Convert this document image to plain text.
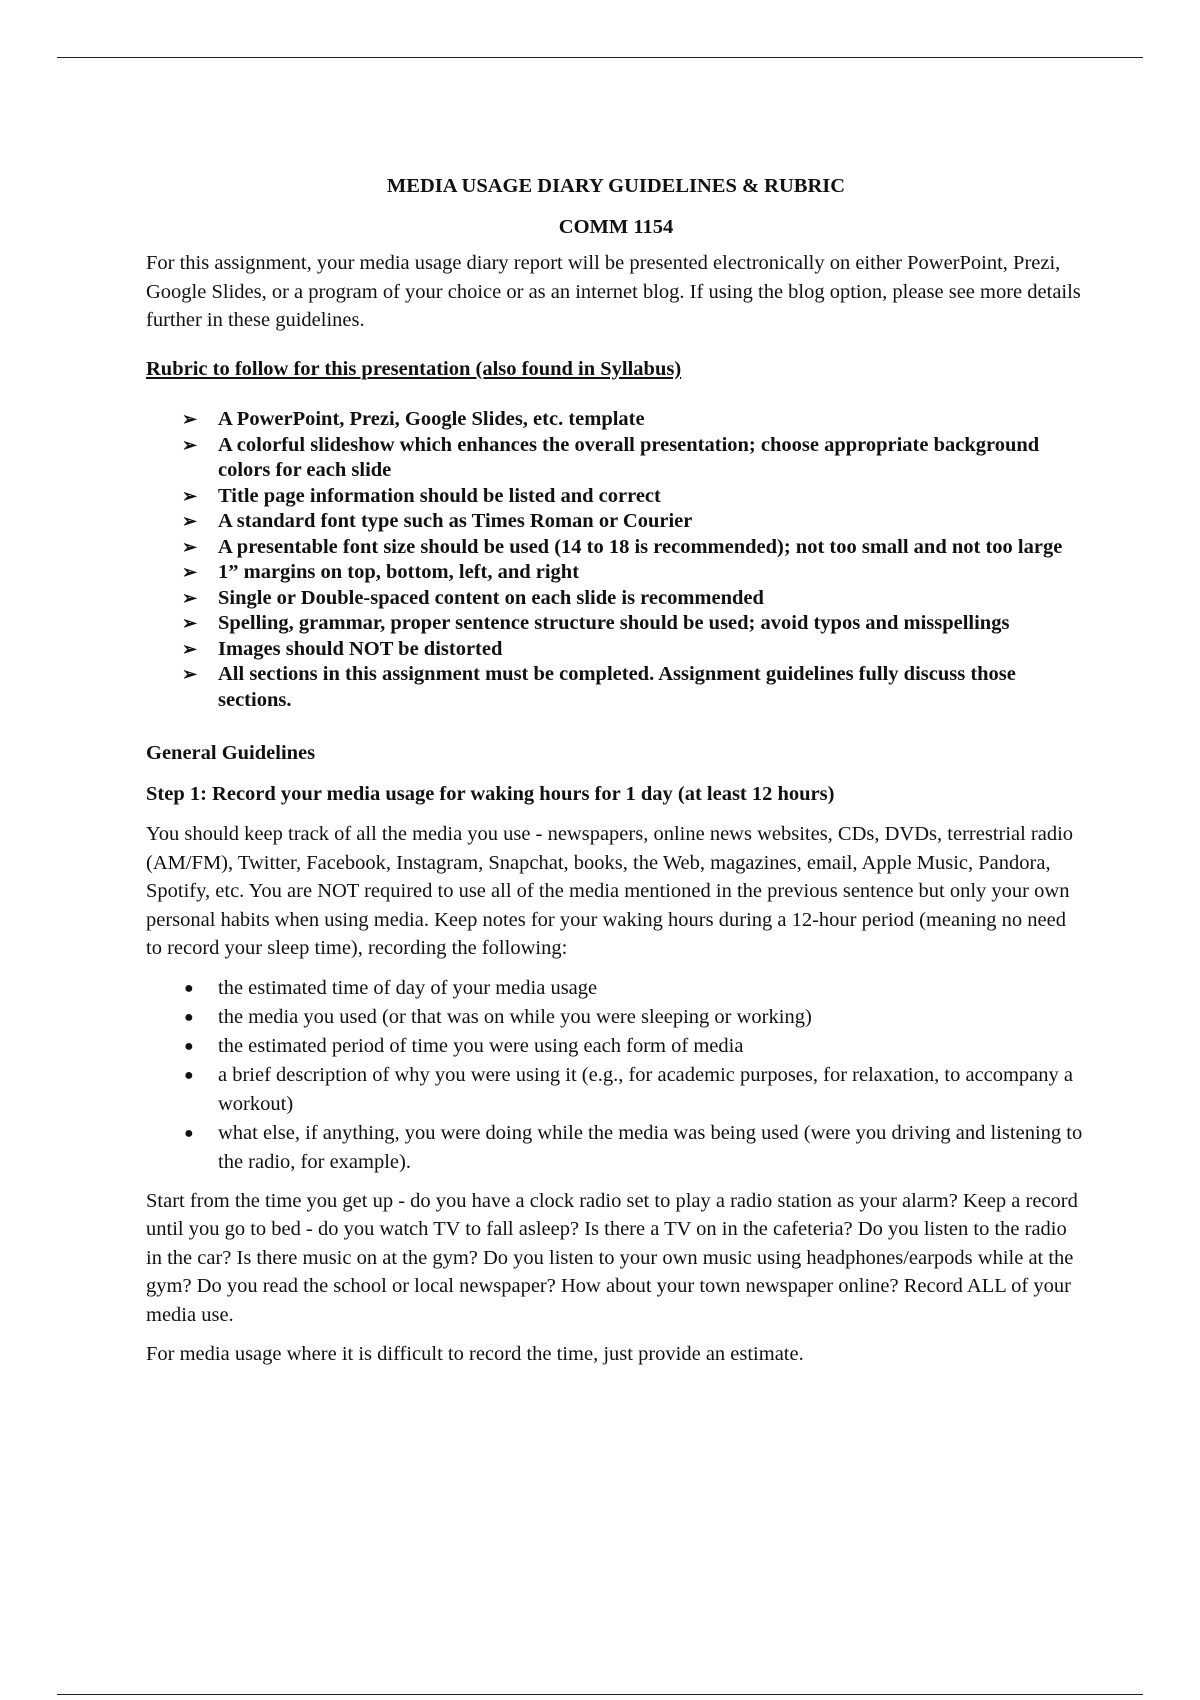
MEDIA USAGE DIARY GUIDELINES & RUBRIC
COMM 1154

For this assignment, your media usage diary report will be presented electronically on either PowerPoint, Prezi, Google Slides, or a program of your choice or as an internet blog. If using the blog option, please see more details further in these guidelines.

Rubric to follow for this presentation (also found in Syllabus)
➢ A PowerPoint, Prezi, Google Slides, etc. template
➢ A colorful slideshow which enhances the overall presentation; choose appropriate background colors for each slide
➢ Title page information should be listed and correct
➢ A standard font type such as Times Roman or Courier
➢ A presentable font size should be used (14 to 18 is recommended); not too small and not too large
➢ 1” margins on top, bottom, left, and right
➢ Single or Double-spaced content on each slide is recommended
➢ Spelling, grammar, proper sentence structure should be used; avoid typos and misspellings
➢ Images should NOT be distorted
➢ All sections in this assignment must be completed. Assignment guidelines fully discuss those sections.
General Guidelines
Step 1: Record your media usage for waking hours for 1 day (at least 12 hours)

You should keep track of all the media you use - newspapers, online news websites, CDs, DVDs, terrestrial radio (AM/FM), Twitter, Facebook, Instagram, Snapchat, books, the Web, magazines, email, Apple Music, Pandora, Spotify, etc. You are NOT required to use all of the media mentioned in the previous sentence but only your own personal habits when using media. Keep notes for your waking hours during a 12-hour period (meaning no need to record your sleep time), recording the following:

● the estimated time of day of your media usage
● the media you used (or that was on while you were sleeping or working)
● the estimated period of time you were using each form of media
● a brief description of why you were using it (e.g., for academic purposes, for relaxation, to accompany a workout)
● what else, if anything, you were doing while the media was being used (were you driving and listening to the radio, for example).

Start from the time you get up - do you have a clock radio set to play a radio station as your alarm? Keep a record until you go to bed - do you watch TV to fall asleep? Is there a TV on in the cafeteria? Do you listen to the radio in the car? Is there music on at the gym? Do you listen to your own music using headphones/earpods while at the gym? Do you read the school or local newspaper? How about your town newspaper online? Record ALL of your media use.

For media usage where it is difficult to record the time, just provide an estimate.
